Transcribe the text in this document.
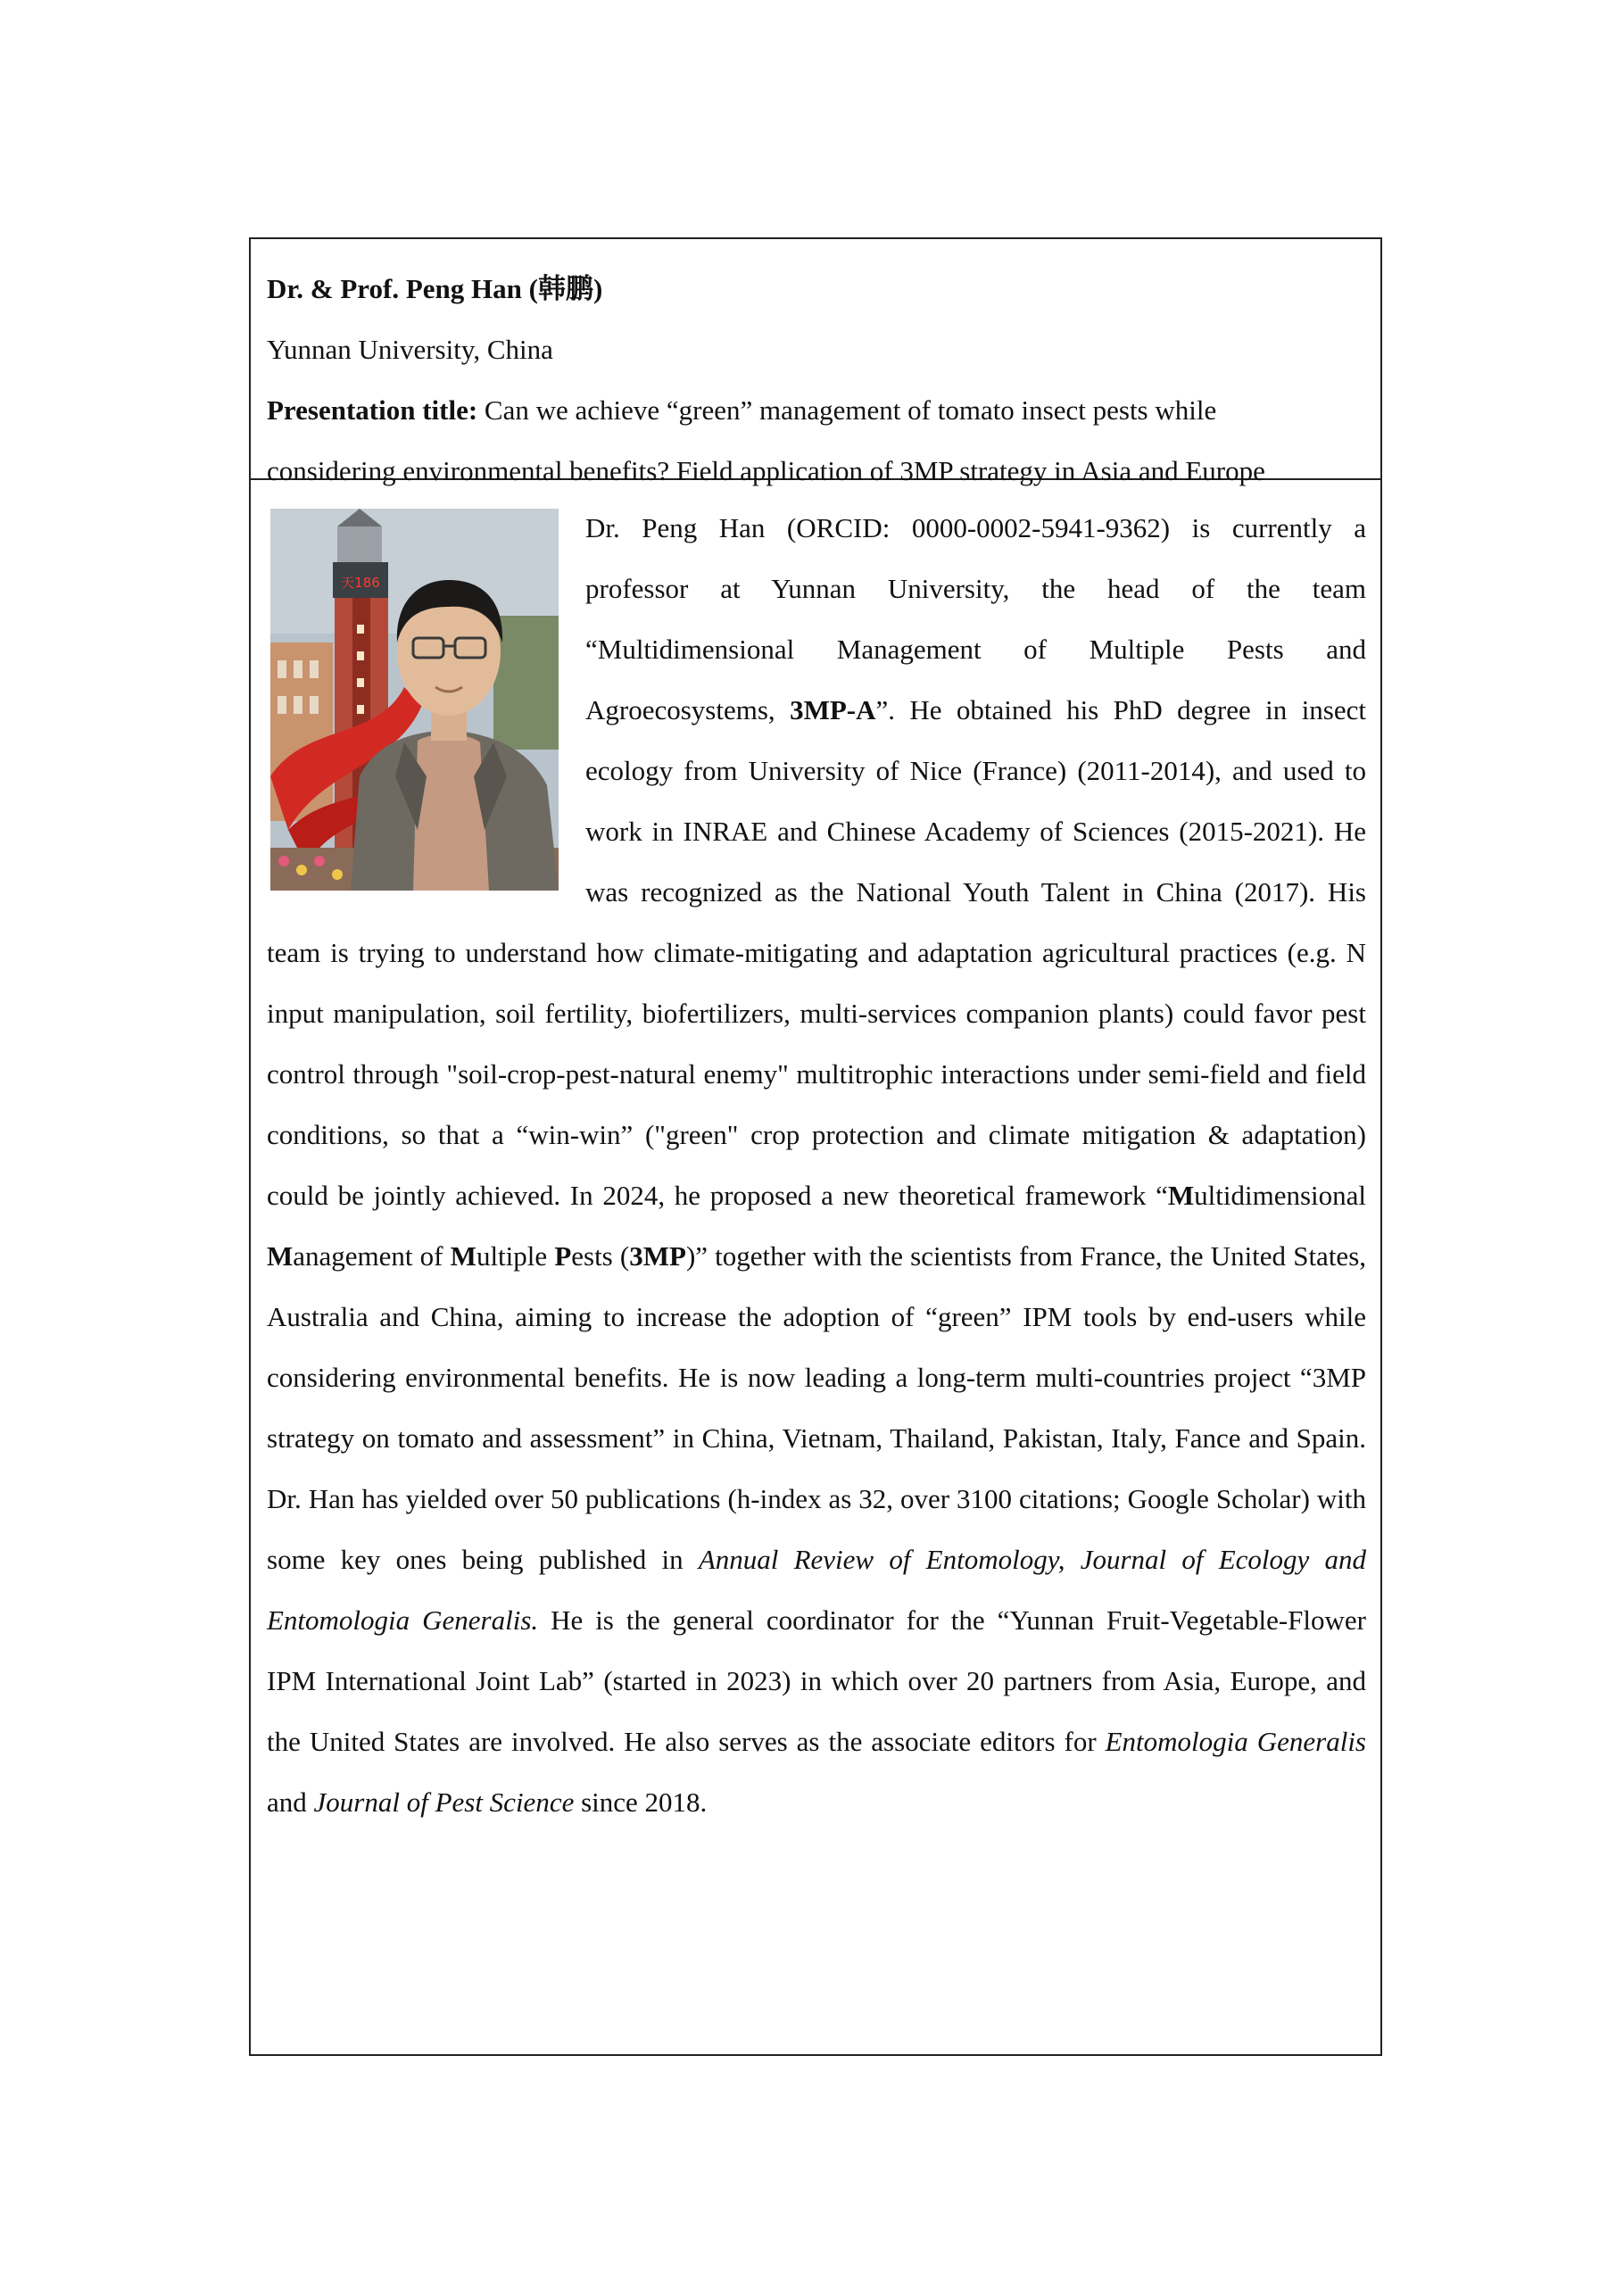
Dr. & Prof. Peng Han (韩鹏)
Yunnan University, China
Presentation title: Can we achieve “green” management of tomato insect pests while
considering environmental benefits? Field application of 3MP strategy in Asia and Europe
天186
Dr. Peng Han (ORCID: 0000-0002-5941-9362) is currently a professor at Yunnan University, the head of the team “Multidimensional Management of Multiple Pests and Agroecosystems, 3MP-A”. He obtained his PhD degree in insect ecology from University of Nice (France) (2011-2014), and used to work in INRAE and Chinese Academy of Sciences (2015-2021). He was recognized as the National Youth Talent in China (2017). His team is trying to understand how climate-mitigating and adaptation agricultural practices (e.g. N input manipulation, soil fertility, biofertilizers, multi-services companion plants) could favor pest control through "soil-crop-pest-natural enemy" multitrophic interactions under semi-field and field conditions, so that a “win-win” ("green" crop protection and climate mitigation & adaptation) could be jointly achieved. In 2024, he proposed a new theoretical framework “Multidimensional Management of Multiple Pests (3MP)” together with the scientists from France, the United States, Australia and China, aiming to increase the adoption of “green” IPM tools by end-users while considering environmental benefits. He is now leading a long-term multi-countries project “3MP strategy on tomato and assessment” in China, Vietnam, Thailand, Pakistan, Italy, Fance and Spain. Dr. Han has yielded over 50 publications (h-index as 32, over 3100 citations; Google Scholar) with some key ones being published in Annual Review of Entomology, Journal of Ecology and Entomologia Generalis. He is the general coordinator for the “Yunnan Fruit-Vegetable-Flower IPM International Joint Lab” (started in 2023) in which over 20 partners from Asia, Europe, and the United States are involved. He also serves as the associate editors for Entomologia Generalis and Journal of Pest Science since 2018.
